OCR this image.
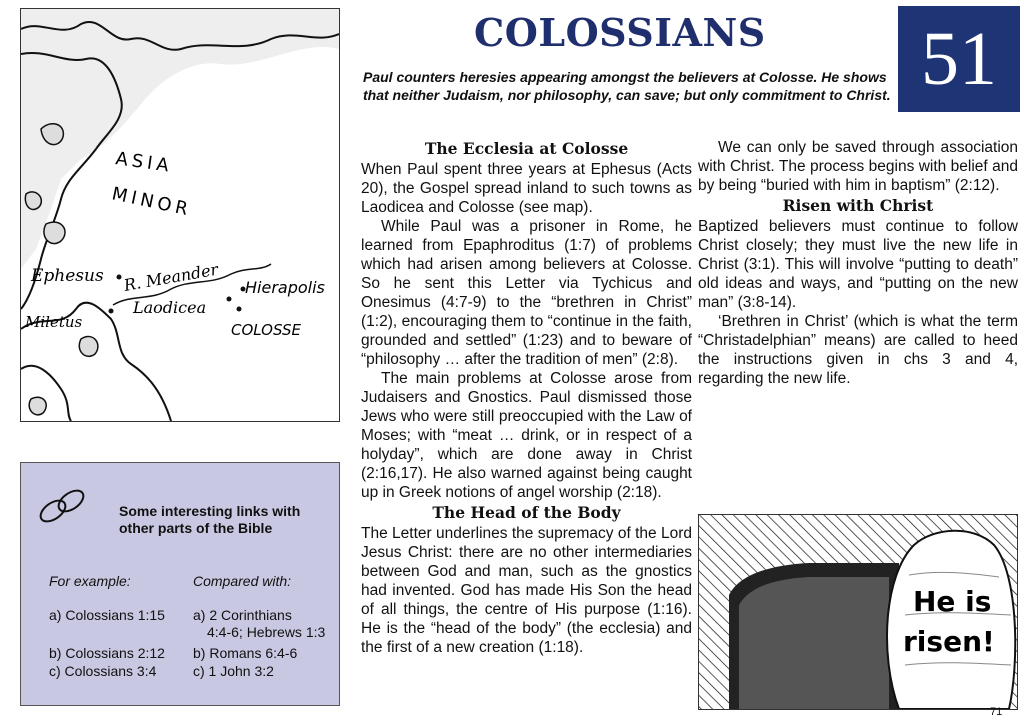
ASIA
MINOR
Ephesus R. Meander Hierapolis
Laodicea
Miletus	COLOSSE
Some interesting links with other parts of the Bible
For example:	Compared with:
a) Colossians 1:15 a) 2 Corinthians
4:4-6; Hebrews 1:3
b) Colossians 2:12 b) Romans 6:4-6
c) Colossians 3:4	c) 1 John 3:2
COLOSSIANS	51
Paul counters heresies appearing amongst the believers at Colosse. He shows that neither Judaism, nor philosophy, can save; but only commitment to Christ.
The Ecclesia at Colosse

When Paul spent three years at Ephesus (Acts 20), the Gospel spread inland to such towns as Laodicea and Colosse (see map).

While Paul was a prisoner in Rome, he learned from Epaphroditus (1:7) of problems which had arisen among believers at Colosse. So he sent this Letter via Tychicus and Onesimus (4:7-9) to the “brethren in Christ” (1:2), encouraging them to “continue in the faith, grounded and settled” (1:23) and to beware of “philosophy … after the tradition of men” (2:8).

The main problems at Colosse arose from Judaisers and Gnostics. Paul dismissed those Jews who were still preoccupied with the Law of Moses; with “meat … drink, or in respect of a holyday”, which are done away in Christ (2:16,17). He also warned against being caught up in Greek notions of angel worship (2:18).

The Head of the Body

The Letter underlines the supremacy of the Lord Jesus Christ: there are no other intermediaries between God and man, such as the gnostics had invented. God has made His Son the head of all things, the centre of His purpose (1:16). He is the “head of the body” (the ecclesia) and the first of a new creation (1:18).

We can only be saved through association with Christ. The process begins with belief and by being “buried with him in baptism” (2:12).

Risen with Christ

Baptized believers must continue to follow Christ closely; they must live the new life in Christ (3:1). This will involve “putting to death” old ideas and ways, and “putting on the new man” (3:8-14).

‘Brethren in Christ’ (which is what the term “Christadelphian” means) are called to heed the instructions given in chs 3 and 4, regarding the new life.

He is
risen!
71
